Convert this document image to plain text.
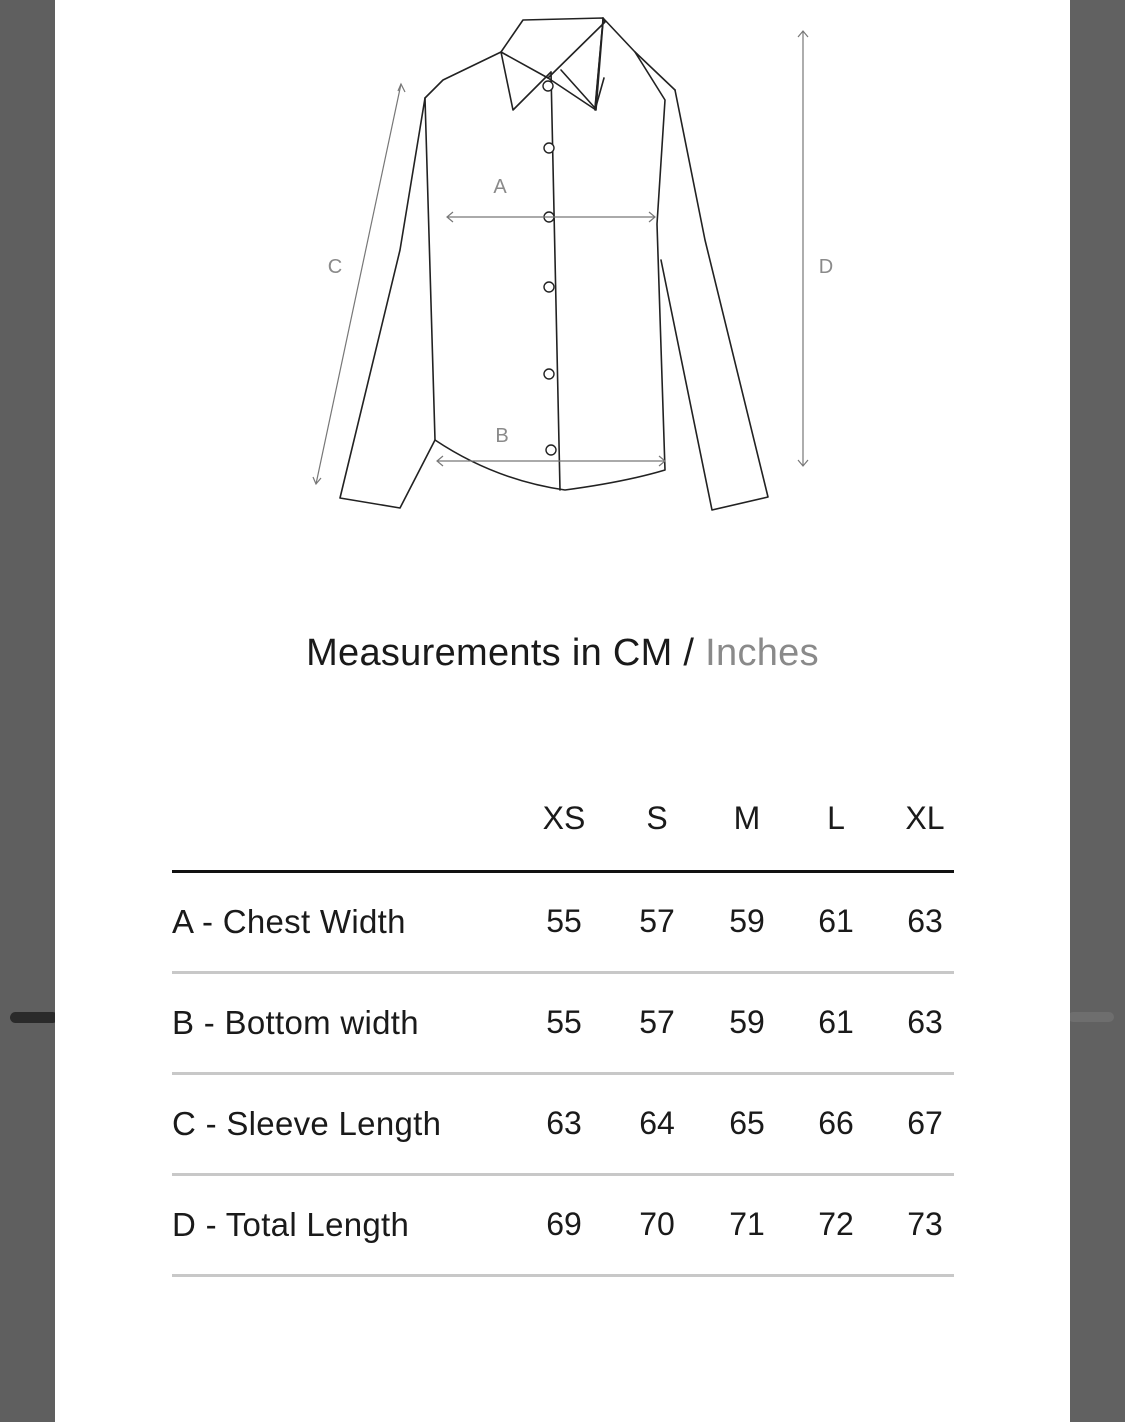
A
B
C	D
Measurements in CM / Inches
XS	S	M	L	XL
A - Chest Width	55	57	59	61	63
B - Bottom width	55	57	59	61	63
C - Sleeve Length	63	64	65	66	67
D - Total Length	69	70	71	72	73
